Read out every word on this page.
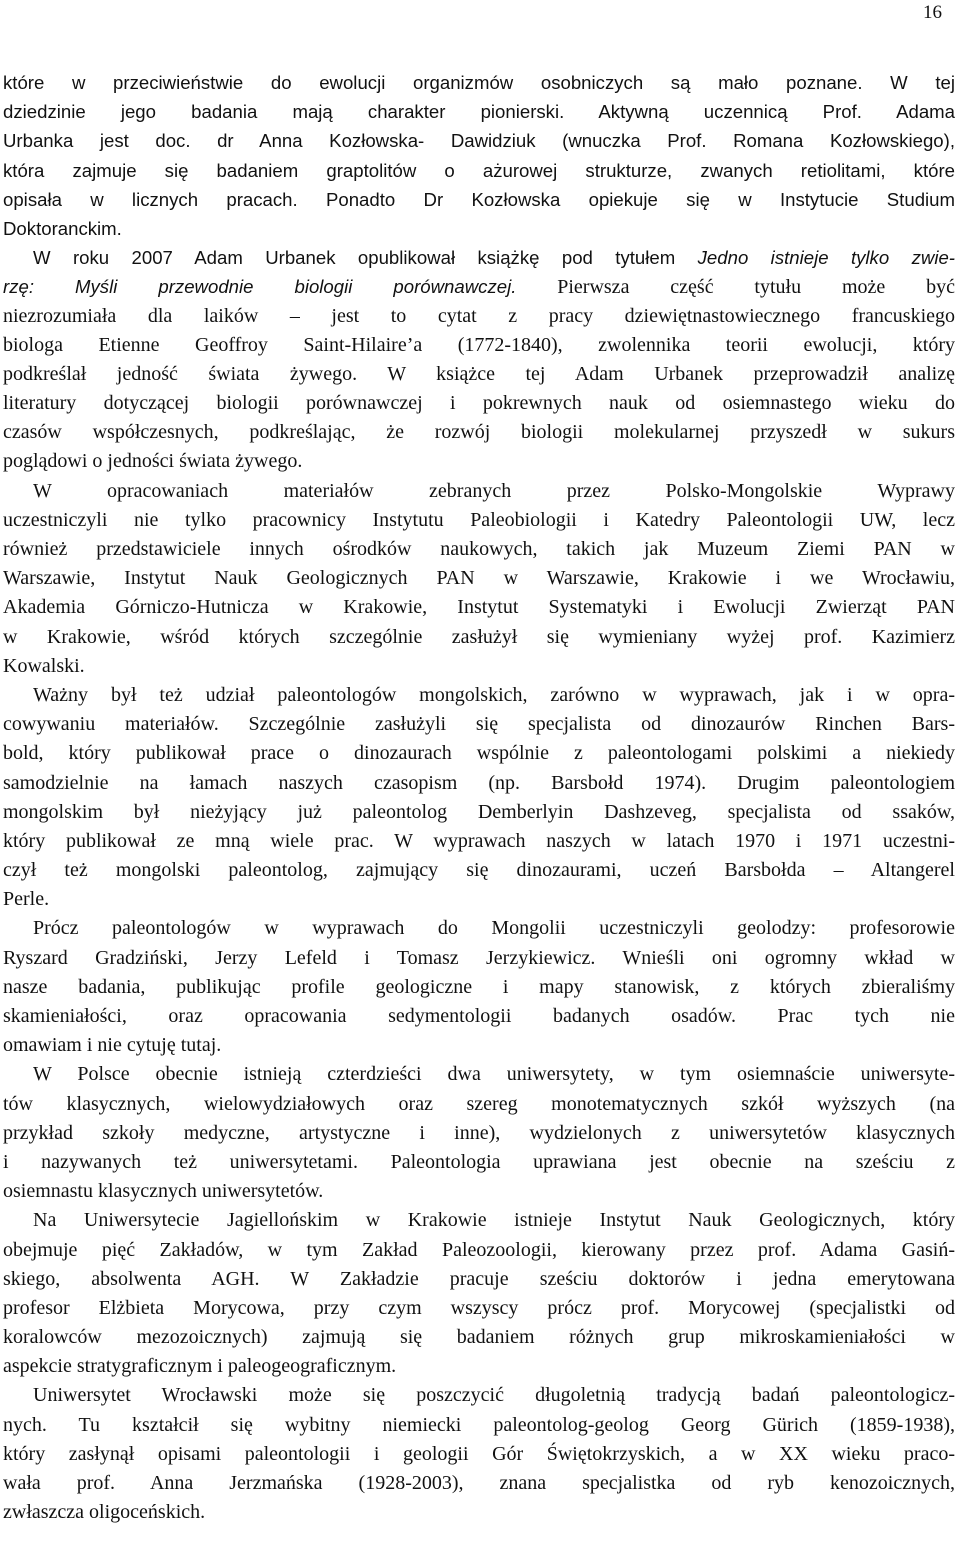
16
które w przeciwieństwie do ewolucji organizmów osobniczych są mało poznane. W tej
dziedzinie jego badania mają charakter pionierski. Aktywną uczennicą Prof. Adama
Urbanka jest doc. dr Anna Kozłowska- Dawidziuk (wnuczka Prof. Romana Kozłowskiego),
która zajmuje się badaniem graptolitów o ażurowej strukturze, zwanych retiolitami, które
opisała w licznych pracach. Ponadto Dr Kozłowska opiekuje się w Instytucie Studium
Doktoranckim.
W roku 2007 Adam Urbanek opublikował książkę pod tytułem Jedno istnieje tylko zwie-
rzę: Myśli przewodnie biologii porównawczej. Pierwsza część tytułu może być
niezrozumiała dla laików – jest to cytat z pracy dziewiętnastowiecznego francuskiego
biologa Etienne Geoffroy Saint-Hilaire’a (1772-1840), zwolennika teorii ewolucji, który
podkreślał jedność świata żywego. W książce tej Adam Urbanek przeprowadził analizę
literatury dotyczącej biologii porównawczej i pokrewnych nauk od osiemnastego wieku do
czasów współczesnych, podkreślając, że rozwój biologii molekularnej przyszedł w sukurs
poglądowi o jedności świata żywego.
W opracowaniach materiałów zebranych przez Polsko-Mongolskie Wyprawy
uczestniczyli nie tylko pracownicy Instytutu Paleobiologii i Katedry Paleontologii UW, lecz
również przedstawiciele innych ośrodków naukowych, takich jak Muzeum Ziemi PAN w
Warszawie, Instytut Nauk Geologicznych PAN w Warszawie, Krakowie i we Wrocławiu,
Akademia Górniczo-Hutnicza w Krakowie, Instytut Systematyki i Ewolucji Zwierząt PAN
w Krakowie, wśród których szczególnie zasłużył się wymieniany wyżej prof. Kazimierz
Kowalski.
Ważny był też udział paleontologów mongolskich, zarówno w wyprawach, jak i w opra-
cowywaniu materiałów. Szczególnie zasłużyli się specjalista od dinozaurów Rinchen Bars-
bold, który publikował prace o dinozaurach wspólnie z paleontologami polskimi a niekiedy
samodzielnie na łamach naszych czasopism (np. Barsbołd 1974). Drugim paleontologiem
mongolskim był nieżyjący już paleontolog Demberlyin Dashzeveg, specjalista od ssaków,
który publikował ze mną wiele prac. W wyprawach naszych w latach 1970 i 1971 uczestni-
czył też mongolski paleontolog, zajmujący się dinozaurami, uczeń Barsbołda – Altangerel
Perle.
Prócz paleontologów w wyprawach do Mongolii uczestniczyli geolodzy: profesorowie
Ryszard Gradziński, Jerzy Lefeld i Tomasz Jerzykiewicz. Wnieśli oni ogromny wkład w
nasze badania, publikując profile geologiczne i mapy stanowisk, z których zbieraliśmy
skamieniałości, oraz opracowania sedymentologii badanych osadów. Prac tych nie
omawiam i nie cytuję tutaj.
W Polsce obecnie istnieją czterdzieści dwa uniwersytety, w tym osiemnaście uniwersyte-
tów klasycznych, wielowydziałowych oraz szereg monotematycznych szkół wyższych (na
przykład szkoły medyczne, artystyczne i inne), wydzielonych z uniwersytetów klasycznych
i nazywanych też uniwersytetami. Paleontologia uprawiana jest obecnie na sześciu z
osiemnastu klasycznych uniwersytetów.
Na Uniwersytecie Jagiellońskim w Krakowie istnieje Instytut Nauk Geologicznych, który
obejmuje pięć Zakładów, w tym Zakład Paleozoologii, kierowany przez prof. Adama Gasiń-
skiego, absolwenta AGH. W Zakładzie pracuje sześciu doktorów i jedna emerytowana
profesor Elżbieta Morycowa, przy czym wszyscy prócz prof. Morycowej (specjalistki od
koralowców mezozoicznych) zajmują się badaniem różnych grup mikroskamieniałości w
aspekcie stratygraficznym i paleogeograficznym.
Uniwersytet Wrocławski może się poszczycić długoletnią tradycją badań paleontologicz-
nych. Tu kształcił się wybitny niemiecki paleontolog-geolog Georg Gürich (1859-1938),
który zasłynął opisami paleontologii i geologii Gór Świętokrzyskich, a w XX wieku praco-
wała prof. Anna Jerzmańska (1928-2003), znana specjalistka od ryb kenozoicznych,
zwłaszcza oligoceńskich.
